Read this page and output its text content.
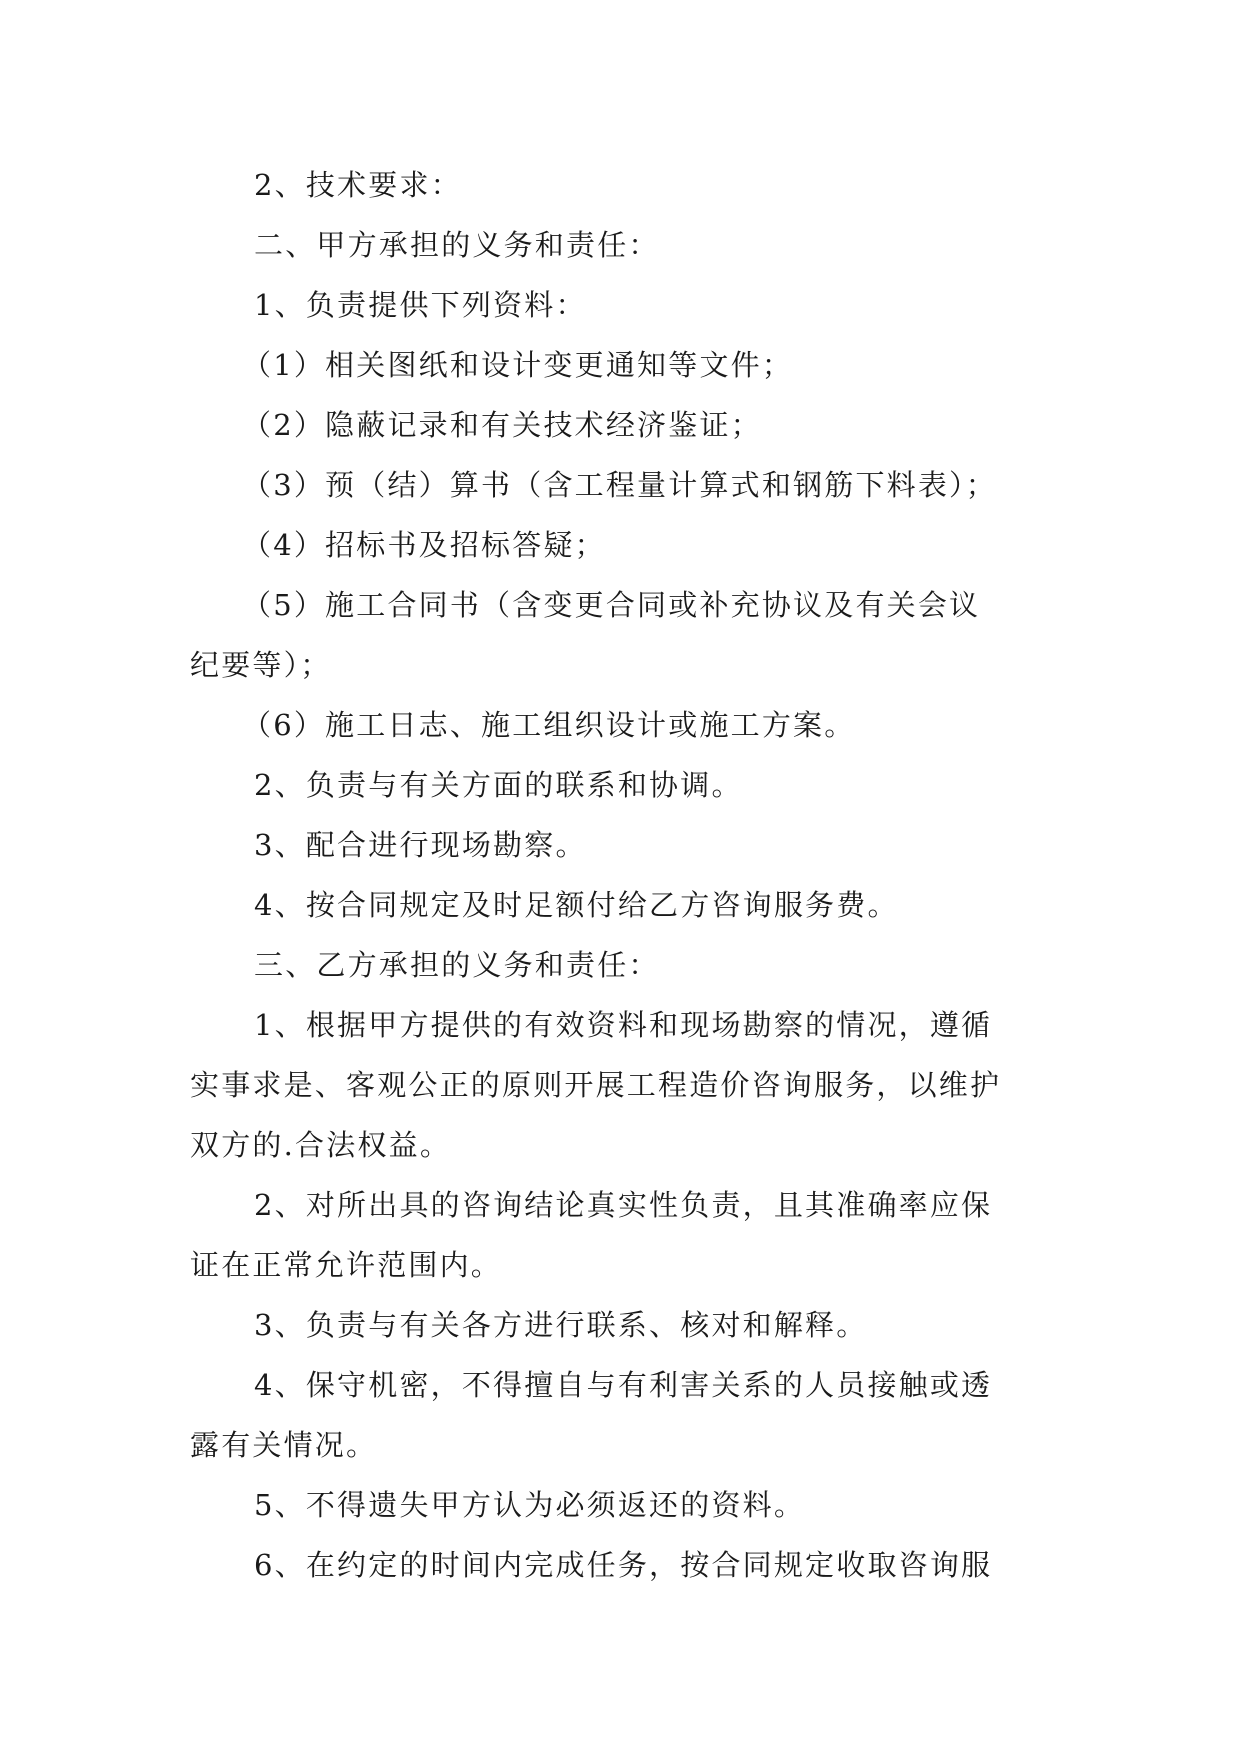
2、技术要求：
二、甲方承担的义务和责任：
1、负责提供下列资料：
（1）相关图纸和设计变更通知等文件；
（2）隐蔽记录和有关技术经济鉴证；
（3）预（结）算书（含工程量计算式和钢筋下料表）；
（4）招标书及招标答疑；
（5）施工合同书（含变更合同或补充协议及有关会议
纪要等）；
（6）施工日志、施工组织设计或施工方案。
2、负责与有关方面的联系和协调。
3、配合进行现场勘察。
4、按合同规定及时足额付给乙方咨询服务费。
三、乙方承担的义务和责任：
1、根据甲方提供的有效资料和现场勘察的情况，遵循
实事求是、客观公正的原则开展工程造价咨询服务，以维护
双方的.合法权益。
2、对所出具的咨询结论真实性负责，且其准确率应保
证在正常允许范围内。
3、负责与有关各方进行联系、核对和解释。
4、保守机密，不得擅自与有利害关系的人员接触或透
露有关情况。
5、不得遗失甲方认为必须返还的资料。
6、在约定的时间内完成任务，按合同规定收取咨询服
